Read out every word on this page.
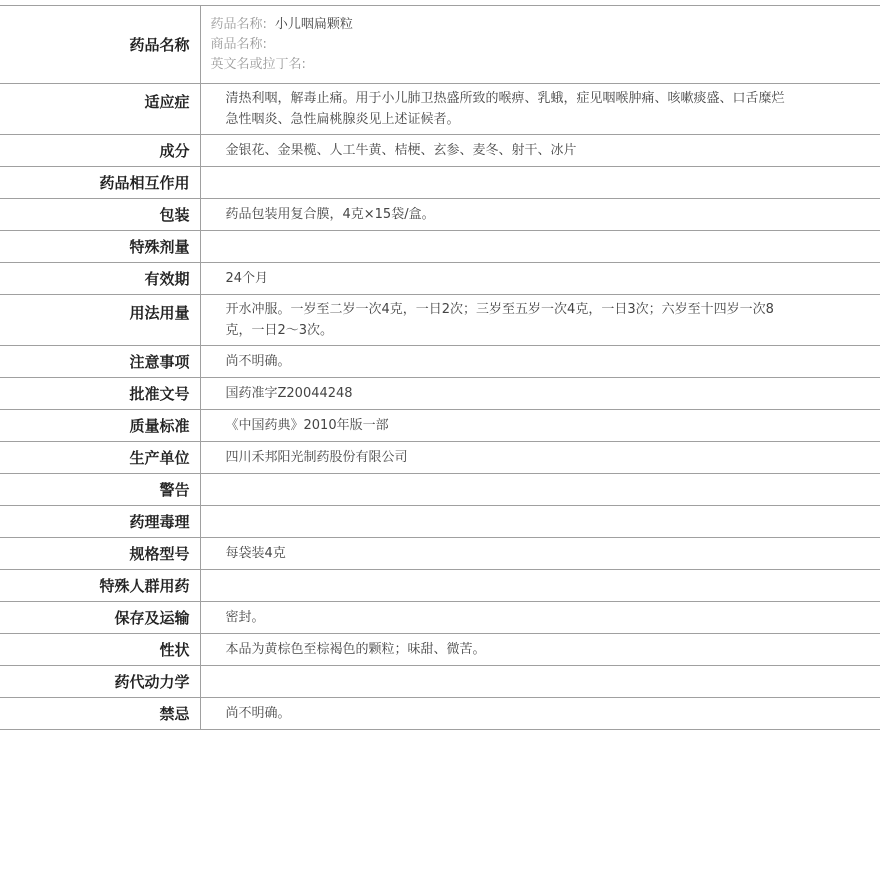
药品名称	药品名称: 小儿咽扁颗粒
商品名称:
英文名或拉丁名:

适应症	清热利咽，解毒止痛。用于小儿肺卫热盛所致的喉痹、乳蛾，症见咽喉肿痛、咳嗽痰盛、口舌糜烂急性咽炎、急性扁桃腺炎见上述证候者。
成分	金银花、金果榄、人工牛黄、桔梗、玄参、麦冬、射干、冰片
药品相互作用	
包装	药品包装用复合膜，4克×15袋/盒。
特殊剂量	
有效期	24个月
用法用量	开水冲服。一岁至二岁一次4克，一日2次；三岁至五岁一次4克，一日3次；六岁至十四岁一次8克，一日2～3次。
注意事项	尚不明确。
批准文号	国药准字Z20044248
质量标准	《中国药典》2010年版一部
生产单位	四川禾邦阳光制药股份有限公司
警告	
药理毒理	
规格型号	每袋装4克
特殊人群用药	
保存及运输	密封。
性状	本品为黄棕色至棕褐色的颗粒；味甜、微苦。
药代动力学	
禁忌	尚不明确。
